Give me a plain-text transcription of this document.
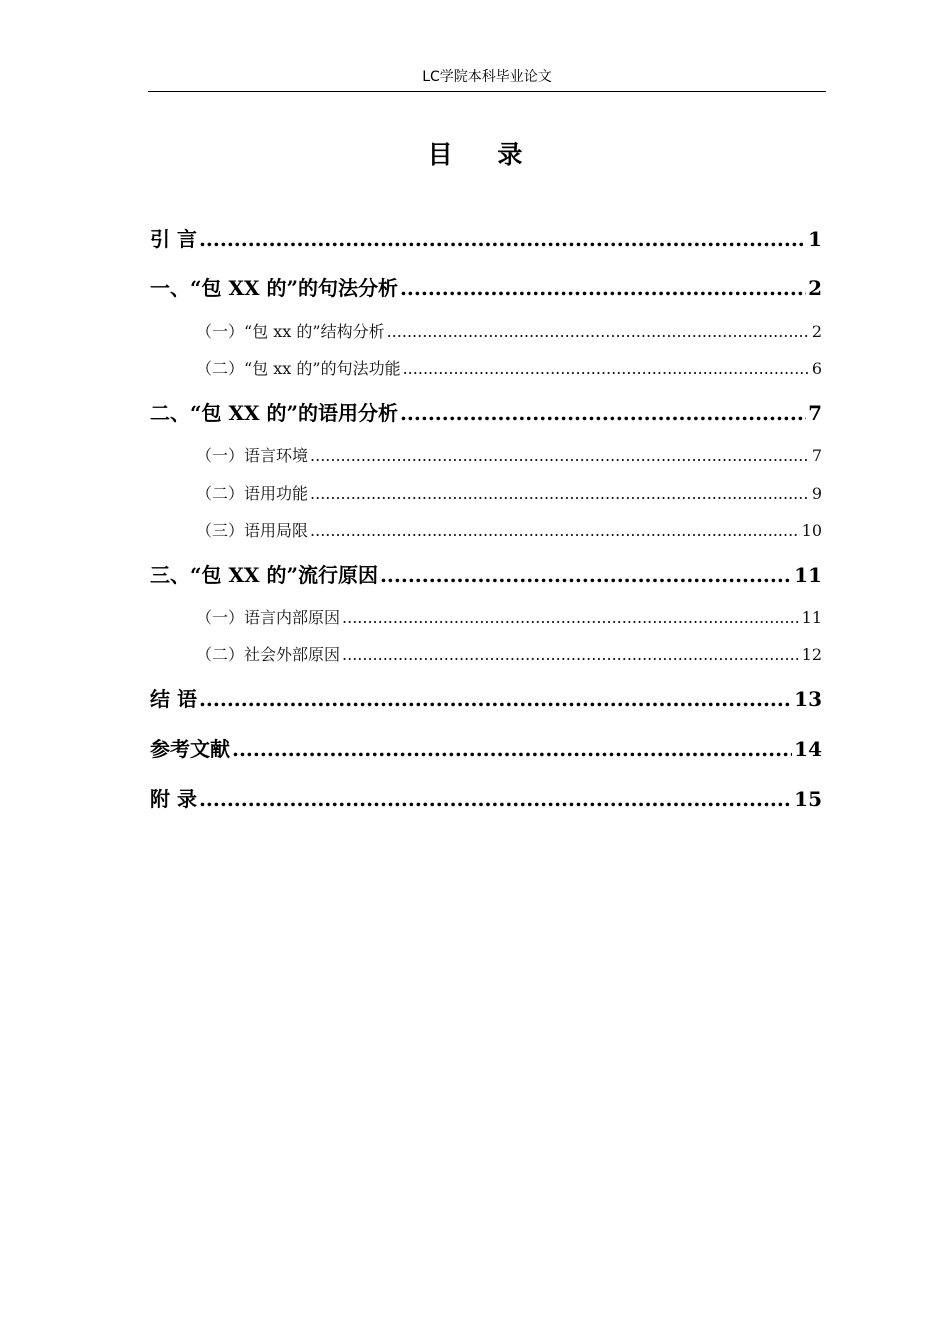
LC学院本科毕业论文
目 录
引 言 .....	1
一、“包 XX 的”的句法分析 .....	2
（一）“包 xx 的”结构分析 .....	2
（二）“包 xx 的”的句法功能 .....	6
二、“包 XX 的”的语用分析 .....	7
（一）语言环境 .....	7
（二）语用功能 .....	9
（三）语用局限 .....	10
三、“包 XX 的”流行原因 .....	11
（一）语言内部原因 .....	11
（二）社会外部原因 .....	12
结 语 .....	13
参考文献 .....	14
附 录 .....	15
